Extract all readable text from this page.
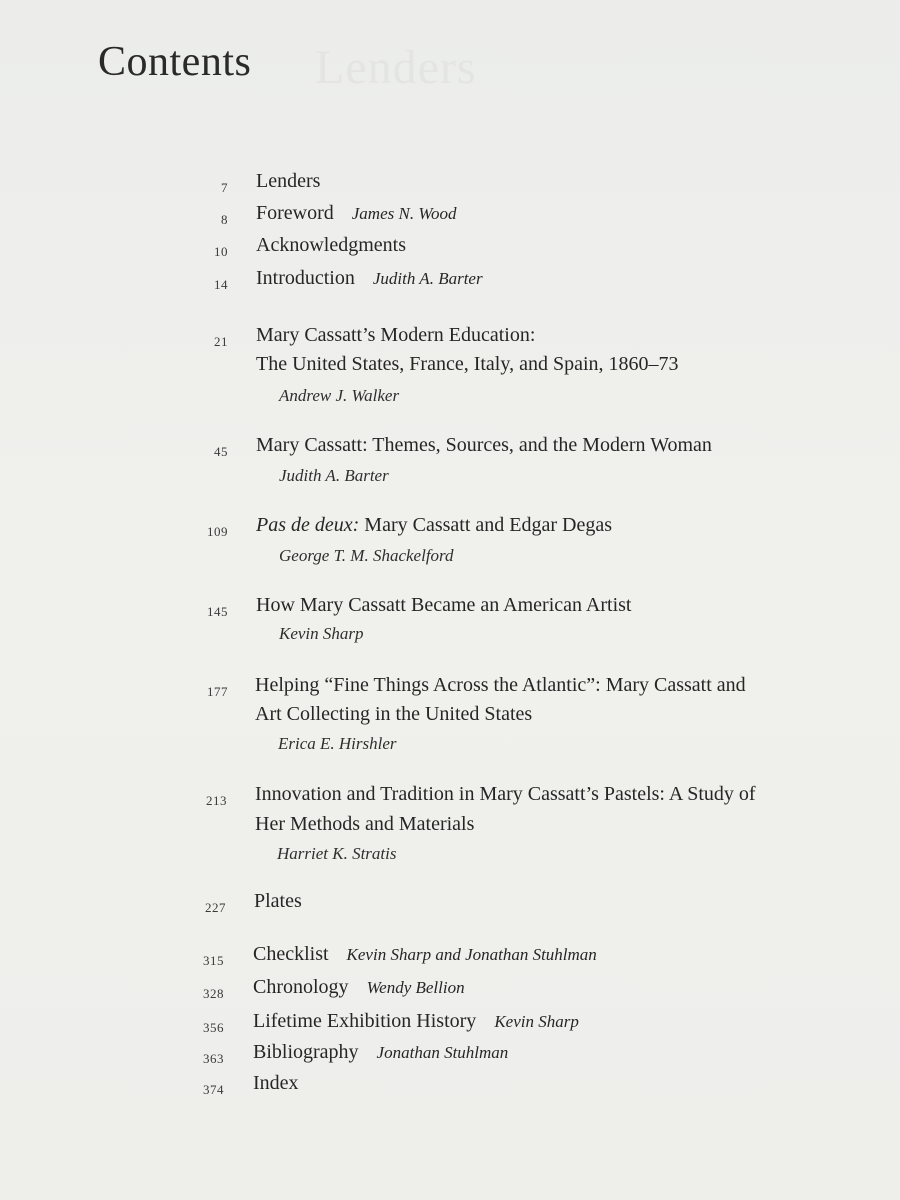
Lenders
Contents
7 Lenders
8 Foreword James N. Wood
10 Acknowledgments
14 Introduction Judith A. Barter
21 Mary Cassatt’s Modern Education:
The United States, France, Italy, and Spain, 1860–73
Andrew J. Walker
45 Mary Cassatt: Themes, Sources, and the Modern Woman
Judith A. Barter
109 Pas de deux: Mary Cassatt and Edgar Degas
George T. M. Shackelford
145 How Mary Cassatt Became an American Artist
Kevin Sharp
177 Helping “Fine Things Across the Atlantic”: Mary Cassatt and
Art Collecting in the United States
Erica E. Hirshler
213 Innovation and Tradition in Mary Cassatt’s Pastels: A Study of
Her Methods and Materials
Harriet K. Stratis
227 Plates
315 Checklist Kevin Sharp and Jonathan Stuhlman
328 Chronology Wendy Bellion
356 Lifetime Exhibition History Kevin Sharp
363 Bibliography Jonathan Stuhlman
374 Index
